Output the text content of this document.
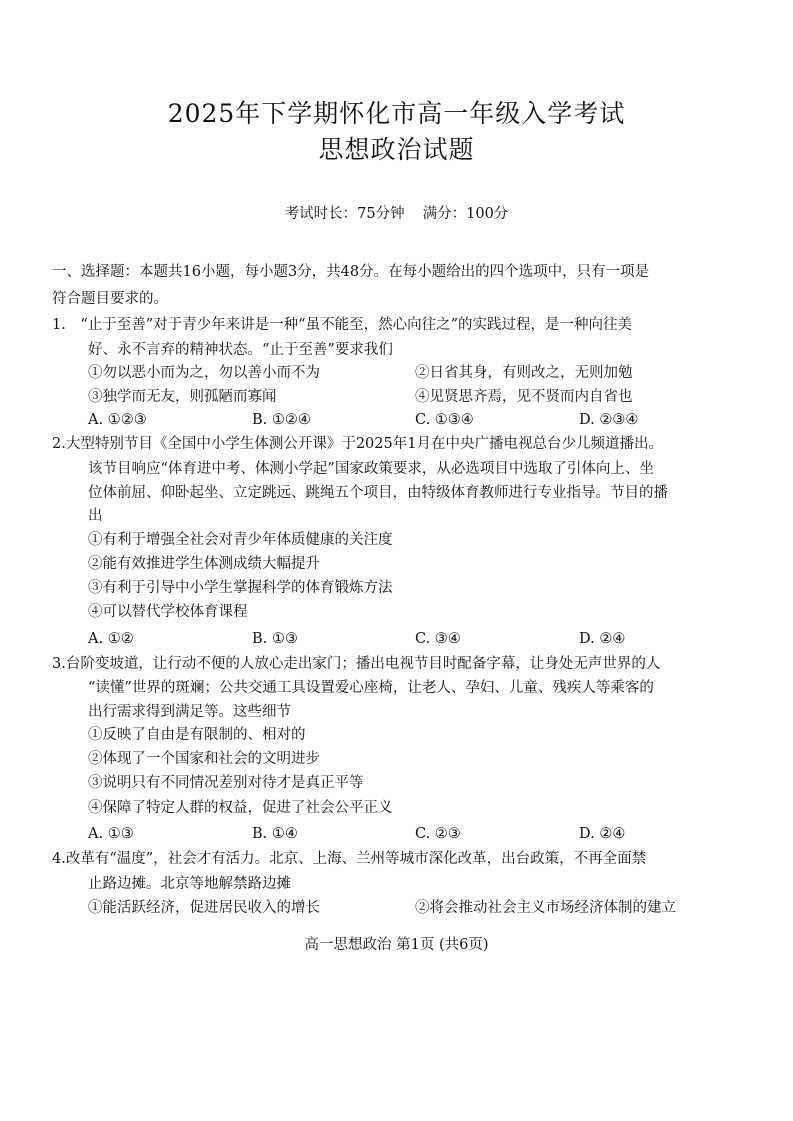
2025年下学期怀化市高一年级入学考试
思想政治试题
考试时长：75分钟 满分：100分
一、选择题：本题共16小题，每小题3分，共48分。在每小题给出的四个选项中，只有一项是
符合题目要求的。
1.　“止于至善”对于青少年来讲是一种“虽不能至，然心向往之”的实践过程，是一种向往美
好、永不言弃的精神状态。“止于至善”要求我们
①勿以恶小而为之，勿以善小而不为	②日省其身，有则改之，无则加勉
③独学而无友，则孤陋而寡闻	④见贤思齐焉，见不贤而内自省也
A. ①②③	B. ①②④	C. ①③④	D. ②③④
2.大型特别节目《全国中小学生体测公开课》于2025年1月在中央广播电视总台少儿频道播出。
该节目响应“体育进中考、体测小学起”国家政策要求，从必选项目中选取了引体向上、坐
位体前屈、仰卧起坐、立定跳远、跳绳五个项目，由特级体育教师进行专业指导。节目的播
出
①有利于增强全社会对青少年体质健康的关注度
②能有效推进学生体测成绩大幅提升
③有利于引导中小学生掌握科学的体育锻炼方法
④可以替代学校体育课程
A. ①②	B. ①③	C. ③④	D. ②④
3.台阶变坡道，让行动不便的人放心走出家门；播出电视节目时配备字幕，让身处无声世界的人
“读懂”世界的斑斓；公共交通工具设置爱心座椅，让老人、孕妇、儿童、残疾人等乘客的
出行需求得到满足等。这些细节
①反映了自由是有限制的、相对的
②体现了一个国家和社会的文明进步
③说明只有不同情况差别对待才是真正平等
④保障了特定人群的权益，促进了社会公平正义
A. ①③	B. ①④	C. ②③	D. ②④
4.改革有“温度”，社会才有活力。北京、上海、兰州等城市深化改革，出台政策，不再全面禁
止路边摊。北京等地解禁路边摊
①能活跃经济，促进居民收入的增长	②将会推动社会主义市场经济体制的建立
高一思想政治 第1页 (共6页)
